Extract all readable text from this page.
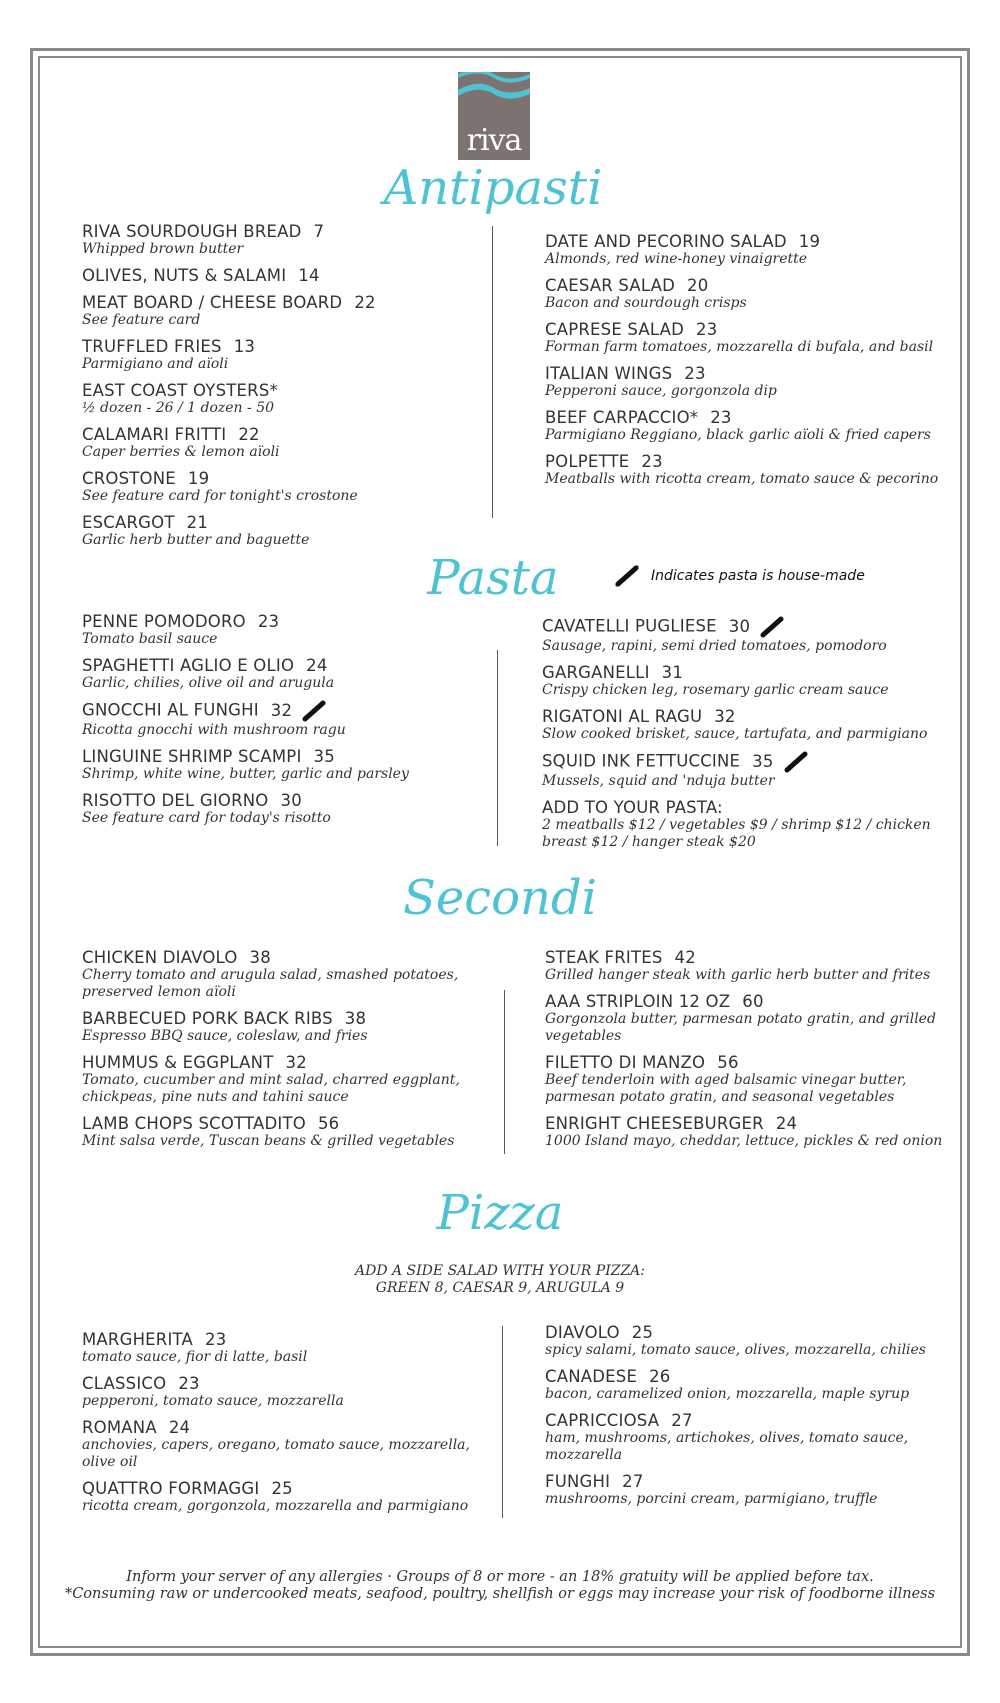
riva
Antipasti
Pasta
Secondi
Pizza
Indicates pasta is house-made
RIVA SOURDOUGH BREAD 7
Whipped brown butter
OLIVES, NUTS & SALAMI 14
MEAT BOARD / CHEESE BOARD 22
See feature card
TRUFFLED FRIES 13
Parmigiano and aïoli
EAST COAST OYSTERS*
½ dozen - 26 / 1 dozen - 50
CALAMARI FRITTI 22
Caper berries & lemon aïoli
CROSTONE 19
See feature card for tonight's crostone
ESCARGOT 21
Garlic herb butter and baguette
DATE AND PECORINO SALAD 19
Almonds, red wine-honey vinaigrette
CAESAR SALAD 20
Bacon and sourdough crisps
CAPRESE SALAD 23
Forman farm tomatoes, mozzarella di bufala, and basil
ITALIAN WINGS 23
Pepperoni sauce, gorgonzola dip
BEEF CARPACCIO* 23
Parmigiano Reggiano, black garlic aïoli & fried capers
POLPETTE 23
Meatballs with ricotta cream, tomato sauce & pecorino
PENNE POMODORO 23
Tomato basil sauce
SPAGHETTI AGLIO E OLIO 24
Garlic, chilies, olive oil and arugula
GNOCCHI AL FUNGHI 32
Ricotta gnocchi with mushroom ragu
LINGUINE SHRIMP SCAMPI 35
Shrimp, white wine, butter, garlic and parsley
RISOTTO DEL GIORNO 30
See feature card for today's risotto
CAVATELLI PUGLIESE 30
Sausage, rapini, semi dried tomatoes, pomodoro
GARGANELLI 31
Crispy chicken leg, rosemary garlic cream sauce
RIGATONI AL RAGU 32
Slow cooked brisket, sauce, tartufata, and parmigiano
SQUID INK FETTUCCINE 35
Mussels, squid and 'nduja butter
ADD TO YOUR PASTA:
2 meatballs $12 / vegetables $9 / shrimp $12 / chicken breast $12 / hanger steak $20
CHICKEN DIAVOLO 38
Cherry tomato and arugula salad, smashed potatoes, preserved lemon aïoli
BARBECUED PORK BACK RIBS 38
Espresso BBQ sauce, coleslaw, and fries
HUMMUS & EGGPLANT 32
Tomato, cucumber and mint salad, charred eggplant, chickpeas, pine nuts and tahini sauce
LAMB CHOPS SCOTTADITO 56
Mint salsa verde, Tuscan beans & grilled vegetables
STEAK FRITES 42
Grilled hanger steak with garlic herb butter and frites
AAA STRIPLOIN 12 OZ 60
Gorgonzola butter, parmesan potato gratin, and grilled vegetables
FILETTO DI MANZO 56
Beef tenderloin with aged balsamic vinegar butter, parmesan potato gratin, and seasonal vegetables
ENRIGHT CHEESEBURGER 24
1000 Island mayo, cheddar, lettuce, pickles & red onion
ADD A SIDE SALAD WITH YOUR PIZZA:
GREEN 8, CAESAR 9, ARUGULA 9
MARGHERITA 23
tomato sauce, fior di latte, basil
CLASSICO 23
pepperoni, tomato sauce, mozzarella
ROMANA 24
anchovies, capers, oregano, tomato sauce, mozzarella, olive oil
QUATTRO FORMAGGI 25
ricotta cream, gorgonzola, mozzarella and parmigiano
DIAVOLO 25
spicy salami, tomato sauce, olives, mozzarella, chilies
CANADESE 26
bacon, caramelized onion, mozzarella, maple syrup
CAPRICCIOSA 27
ham, mushrooms, artichokes, olives, tomato sauce, mozzarella
FUNGHI 27
mushrooms, porcini cream, parmigiano, truffle
Inform your server of any allergies · Groups of 8 or more - an 18% gratuity will be applied before tax.
*Consuming raw or undercooked meats, seafood, poultry, shellfish or eggs may increase your risk of foodborne illness
